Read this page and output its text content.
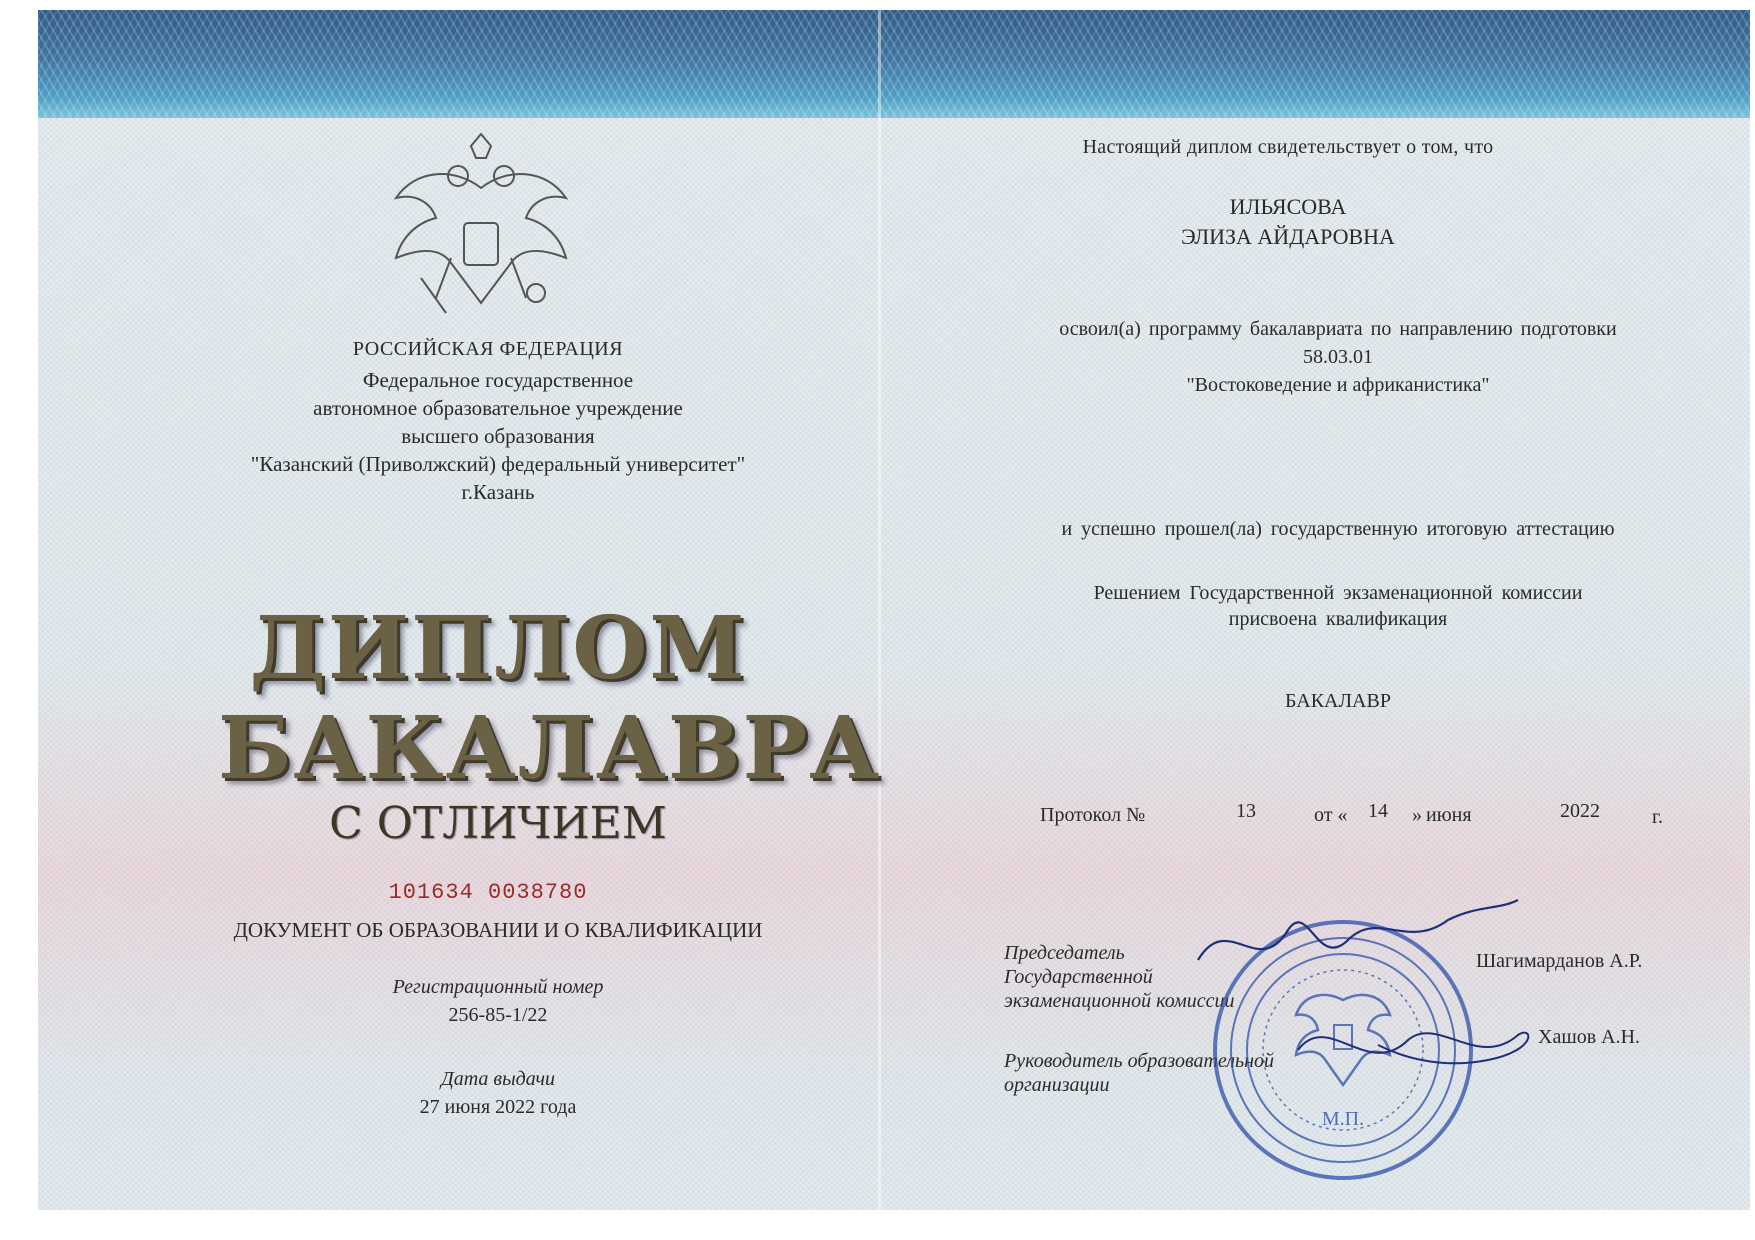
РОССИЙСКАЯ ФЕДЕРАЦИЯ
Федеральное государственное
автономное образовательное учреждение
высшего образования
"Казанский (Приволжский) федеральный университет"
г.Казань
ДИПЛОМ
БАКАЛАВРА
С ОТЛИЧИЕМ
101634 0038780
ДОКУМЕНТ ОБ ОБРАЗОВАНИИ И О КВАЛИФИКАЦИИ
Регистрационный номер
256-85-1/22
Дата выдачи
27 июня 2022 года
Настоящий диплом свидетельствует о том, что
ИЛЬЯСОВА
ЭЛИЗА АЙДАРОВНА
освоил(а) программу бакалавриата по направлению подготовки
58.03.01
"Востоковедение и африканистика"
и успешно прошел(ла) государственную итоговую аттестацию
Решением Государственной экзаменационной комиссии
присвоена квалификация
БАКАЛАВР
Протокол №	13	от « 14 » июня	2022	г.
Председатель
Государственной
экзаменационной комиссии
Шагимарданов А.Р.
Руководитель образовательной
организации
Хашов А.Н.
М.П.
